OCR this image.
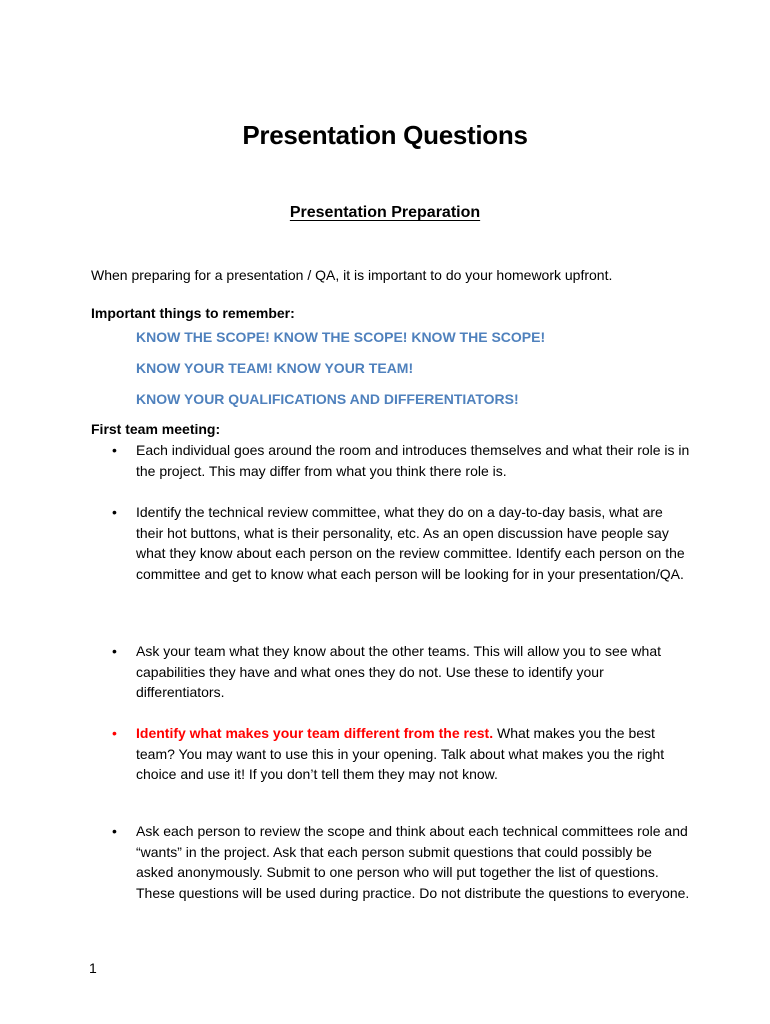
Presentation Questions
Presentation Preparation
When preparing for a presentation / QA, it is important to do your homework upfront.
Important things to remember:
KNOW THE SCOPE! KNOW THE SCOPE! KNOW THE SCOPE!
KNOW YOUR TEAM! KNOW YOUR TEAM!
KNOW YOUR QUALIFICATIONS AND DIFFERENTIATORS!
First team meeting:
•	Each individual goes around the room and introduces themselves and what their role is in the project. This may differ from what you think there role is.
•	Identify the technical review committee, what they do on a day-to-day basis, what are their hot buttons, what is their personality, etc. As an open discussion have people say what they know about each person on the review committee. Identify each person on the committee and get to know what each person will be looking for in your presentation/QA.
•	Ask your team what they know about the other teams. This will allow you to see what capabilities they have and what ones they do not. Use these to identify your differentiators.
•	Identify what makes your team different from the rest. What makes you the best team? You may want to use this in your opening. Talk about what makes you the right choice and use it! If you don’t tell them they may not know.
•	Ask each person to review the scope and think about each technical committees role and “wants” in the project. Ask that each person submit questions that could possibly be asked anonymously. Submit to one person who will put together the list of questions. These questions will be used during practice. Do not distribute the questions to everyone.
1
